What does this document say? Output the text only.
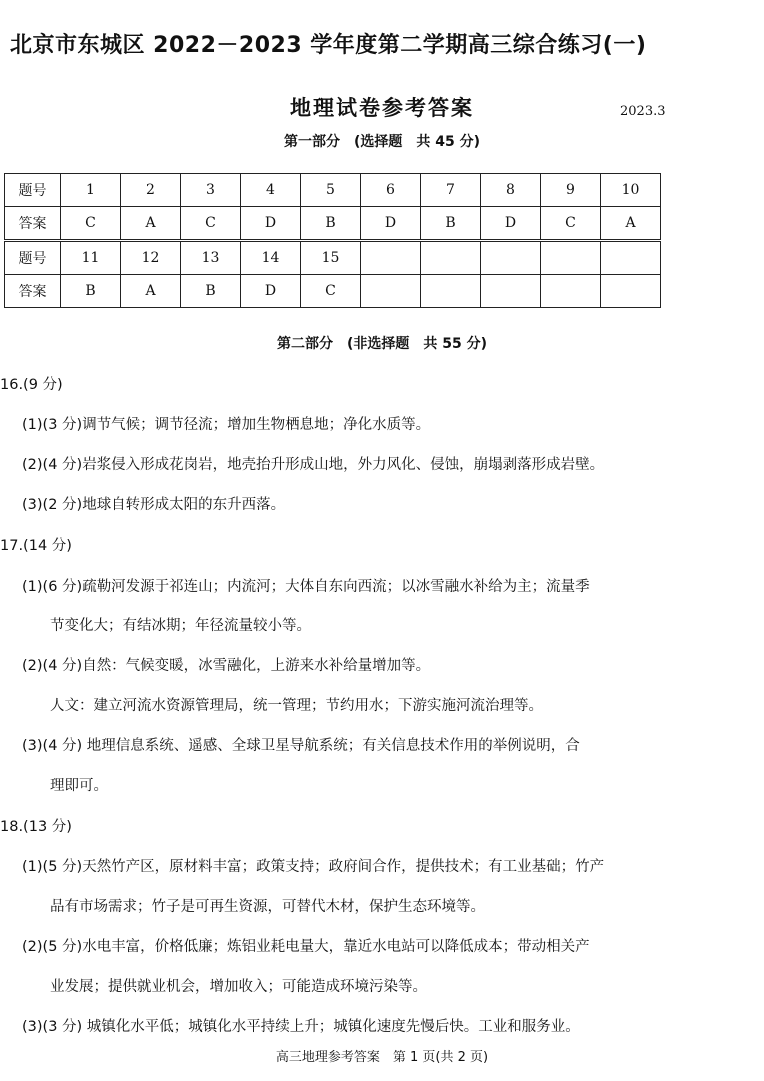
北京市东城区 2022－2023 学年度第二学期高三综合练习(一)
地理试卷参考答案	2023.3
第一部分　(选择题　共 45 分)
题号	1	2	3	4	5	6	7	8	9	10
答案	C	A	C	D	B	D	B	D	C	A
题号	11	12	13	14	15					
答案	B	A	B	D	C					
第二部分　(非选择题　共 55 分)
16.(9 分)
(1)(3 分)调节气候；调节径流；增加生物栖息地；净化水质等。
(2)(4 分)岩浆侵入形成花岗岩，地壳抬升形成山地，外力风化、侵蚀，崩塌剥落形成岩壁。
(3)(2 分)地球自转形成太阳的东升西落。
17.(14 分)
(1)(6 分)疏勒河发源于祁连山；内流河；大体自东向西流；以冰雪融水补给为主；流量季
节变化大；有结冰期；年径流量较小等。
(2)(4 分)自然：气候变暖，冰雪融化，上游来水补给量增加等。
人文：建立河流水资源管理局，统一管理；节约用水；下游实施河流治理等。
(3)(4 分) 地理信息系统、遥感、全球卫星导航系统；有关信息技术作用的举例说明，合
理即可。
18.(13 分)
(1)(5 分)天然竹产区，原材料丰富；政策支持；政府间合作，提供技术；有工业基础；竹产
品有市场需求；竹子是可再生资源，可替代木材，保护生态环境等。
(2)(5 分)水电丰富，价格低廉；炼铝业耗电量大，靠近水电站可以降低成本；带动相关产
业发展；提供就业机会，增加收入；可能造成环境污染等。
(3)(3 分) 城镇化水平低；城镇化水平持续上升；城镇化速度先慢后快。工业和服务业。
高三地理参考答案　第 1 页(共 2 页)
